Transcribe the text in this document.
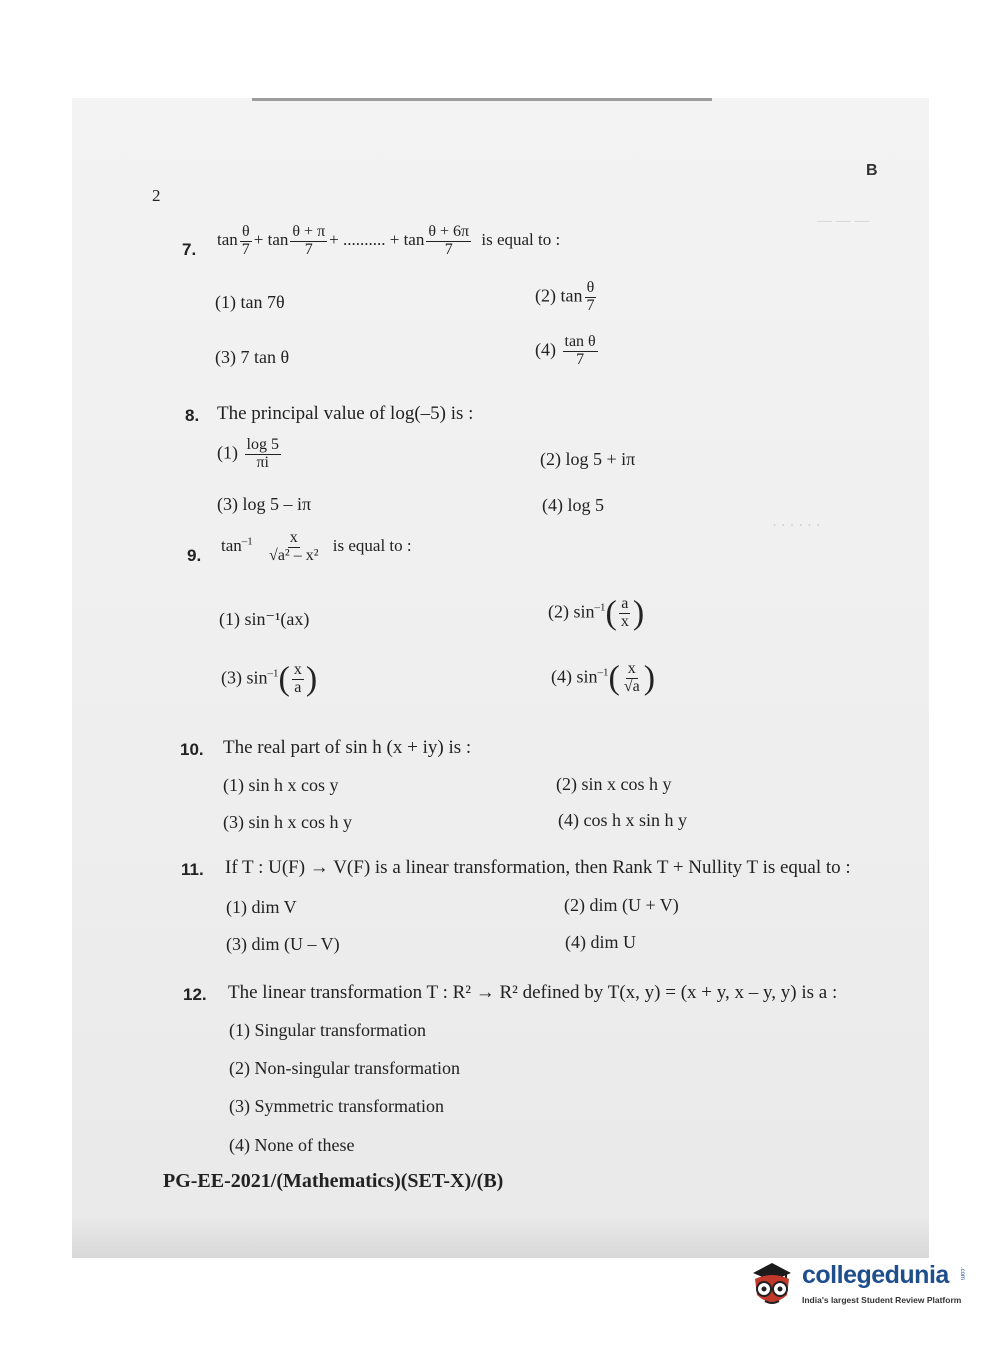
— — —
· · · · · ·
2
B
7.
$\tan \frac{\theta}{7} + \tan \frac{\theta + \pi}{7}$ + .......... + $\tan \frac{\theta + 6\pi}{7}$ is equal to :
(1) tan 7θ	(2) $\tan \frac{\theta}{7}$
(3) 7 tan θ	$(4) \frac{\text{tan θ}}{7}$
8. The principal value of log(–5) is :
$(1) \frac{\log 5}{\pi i}$	(2) log 5 + iπ
(3) log 5 – iπ	(4) log 5
9.
$\tan^{-1} \frac{x}{\text{√a² – x²}}$ is equal to :
(1) sin⁻¹(ax)	(2) $\sin^{-1}( \frac{a}{x}$ )
(3) $\sin^{-1}( \frac{x}{a}$ )	(4) $\sin^{-1}( \frac{x}{√a}$ )
10. The real part of sin h (x + iy) is :
(1) sin h x cos y	(2) sin x cos h y
(3) sin h x cos h y	(4) cos h x sin h y
11. If T : U(F) → V(F) is a linear transformation, then Rank T + Nullity T is equal to :
(1) dim V	(2) dim (U + V)
(3) dim (U – V)	(4) dim U
12. The linear transformation T : R² → R² defined by T(x, y) = (x + y, x – y, y) is a :
(1) Singular transformation
(2) Non-singular transformation
(3) Symmetric transformation
(4) None of these
PG-EE-2021/(Mathematics)(SET-X)/(B)
collegedunia .com
India's largest Student Review Platform
